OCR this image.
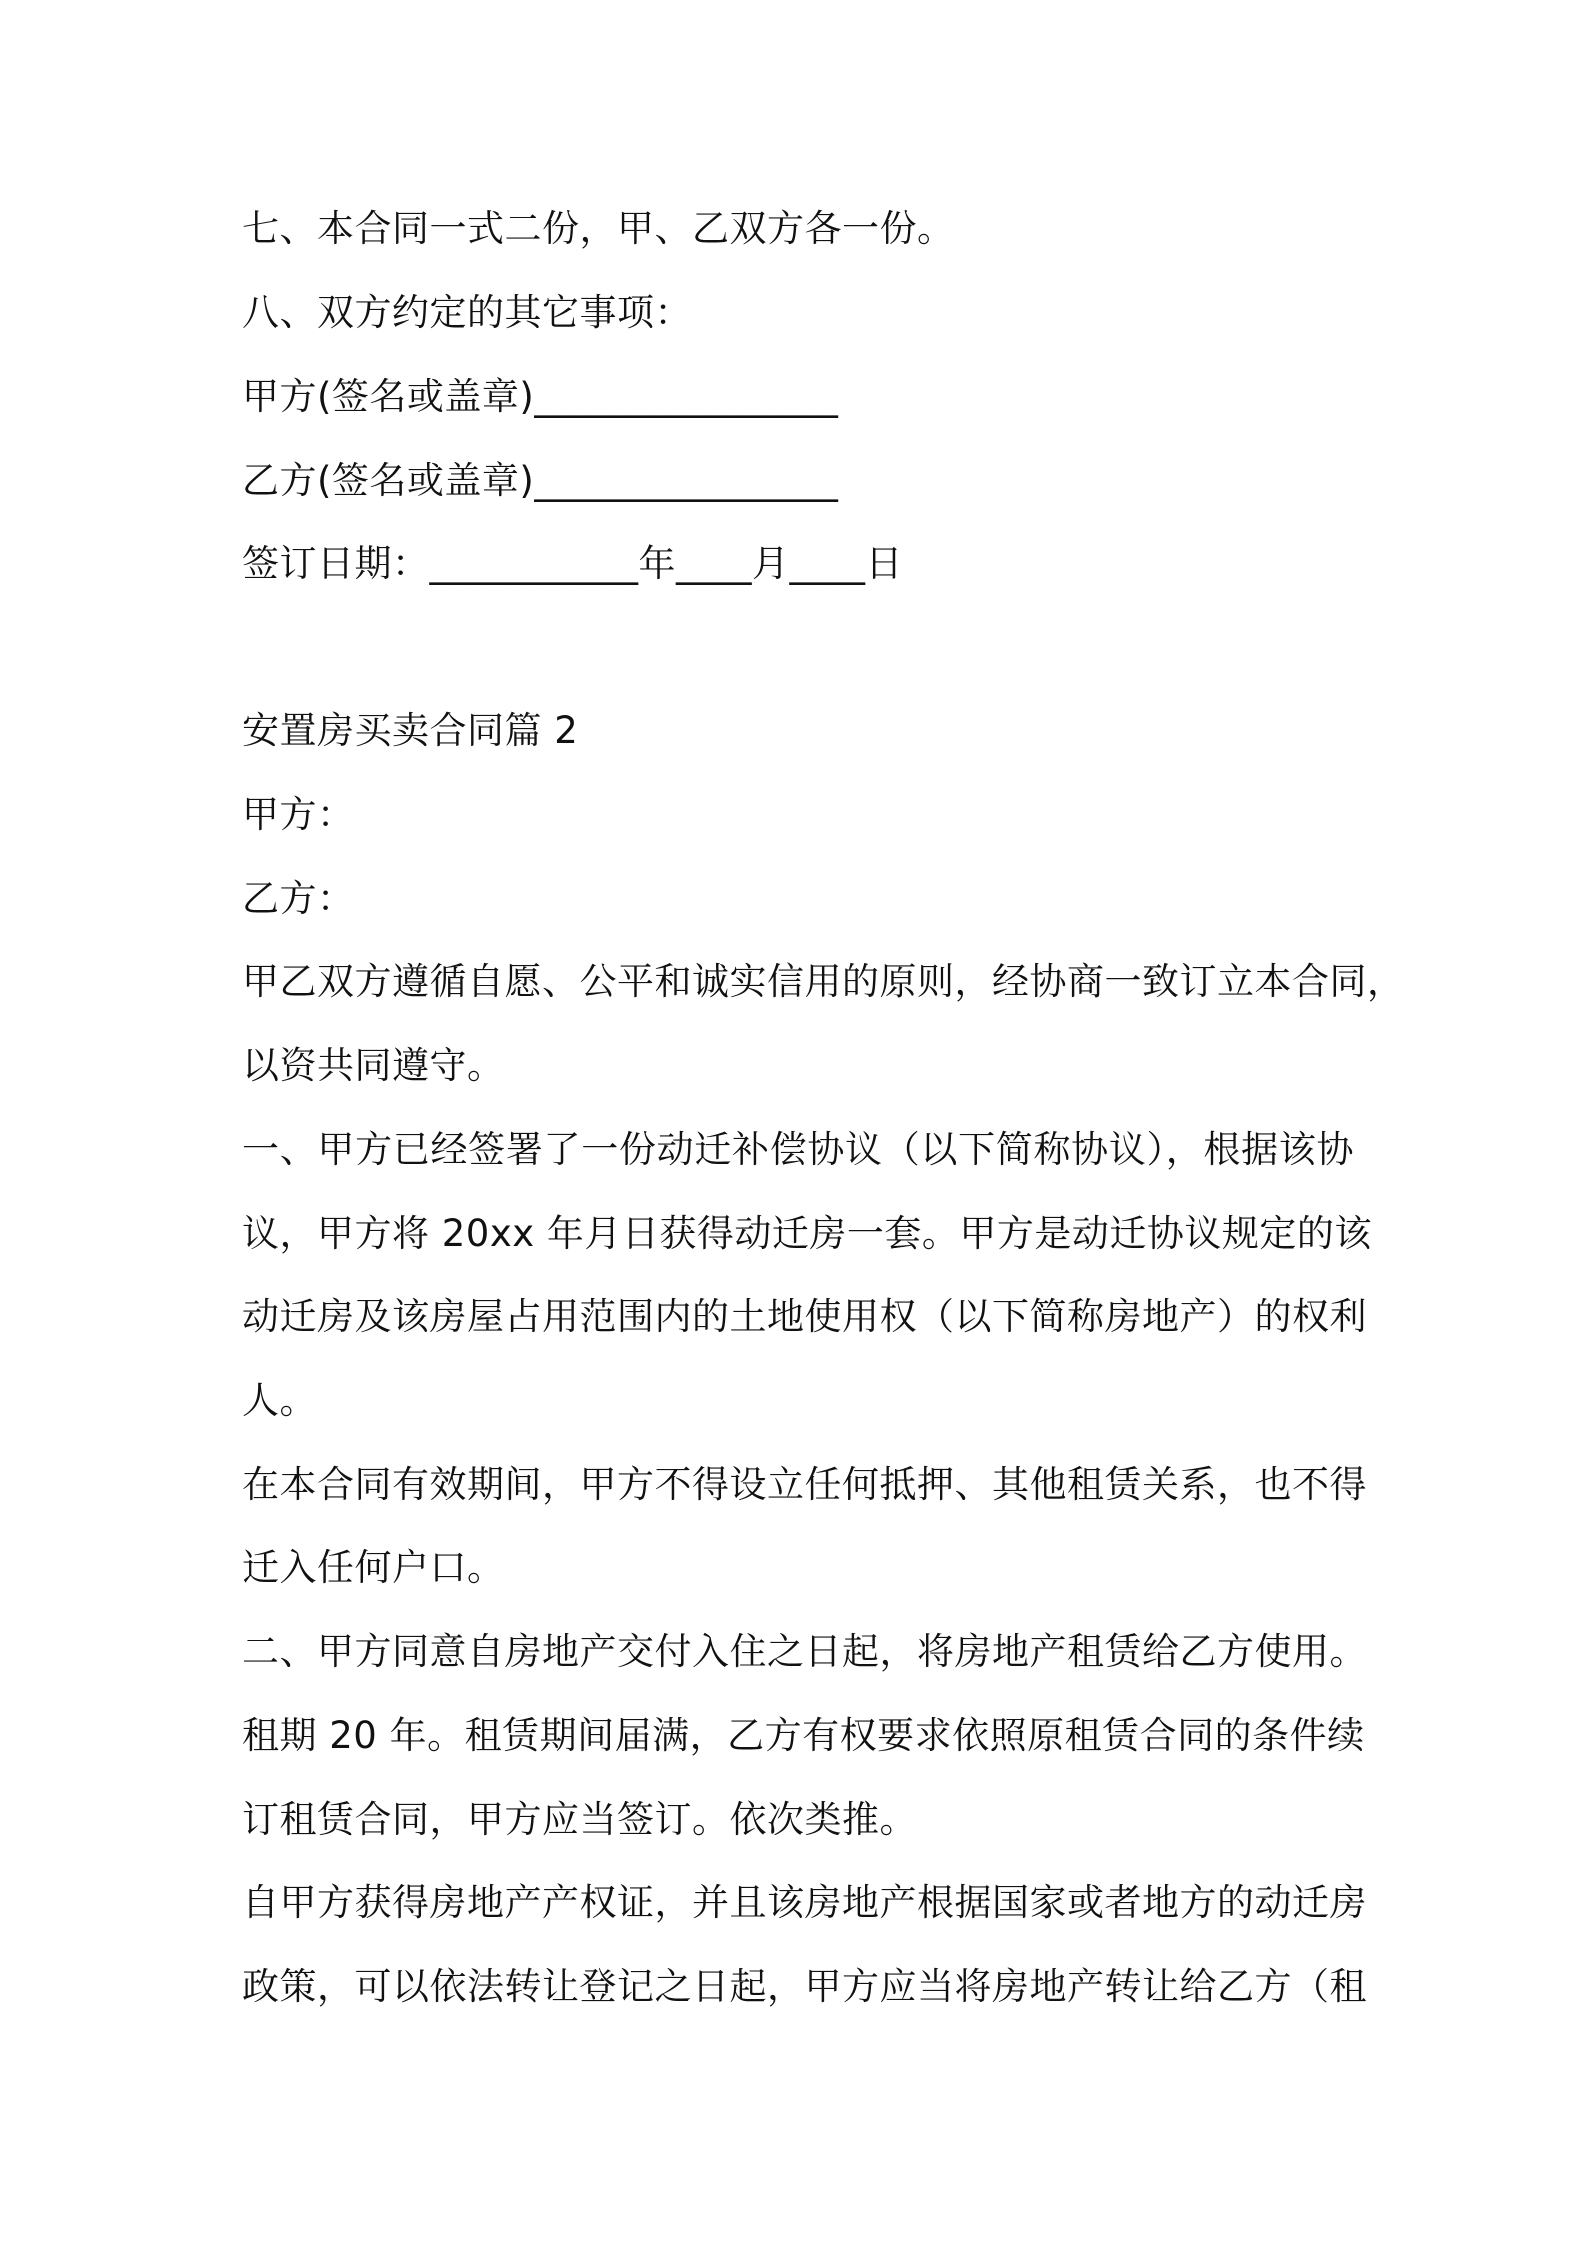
七、本合同一式二份，甲、乙双方各一份。
八、双方约定的其它事项：
甲方(签名或盖章)________________
乙方(签名或盖章)________________
签订日期：___________年____月____日
安置房买卖合同篇 2
甲方：
乙方：
甲乙双方遵循自愿、公平和诚实信用的原则，经协商一致订立本合同，
以资共同遵守。
一、甲方已经签署了一份动迁补偿协议（以下简称协议），根据该协
议，甲方将 20xx 年月日获得动迁房一套。甲方是动迁协议规定的该
动迁房及该房屋占用范围内的土地使用权（以下简称房地产）的权利
人。
在本合同有效期间，甲方不得设立任何抵押、其他租赁关系，也不得
迁入任何户口。
二、甲方同意自房地产交付入住之日起，将房地产租赁给乙方使用。
租期 20 年。租赁期间届满，乙方有权要求依照原租赁合同的条件续
订租赁合同，甲方应当签订。依次类推。
自甲方获得房地产产权证，并且该房地产根据国家或者地方的动迁房
政策，可以依法转让登记之日起，甲方应当将房地产转让给乙方（租
